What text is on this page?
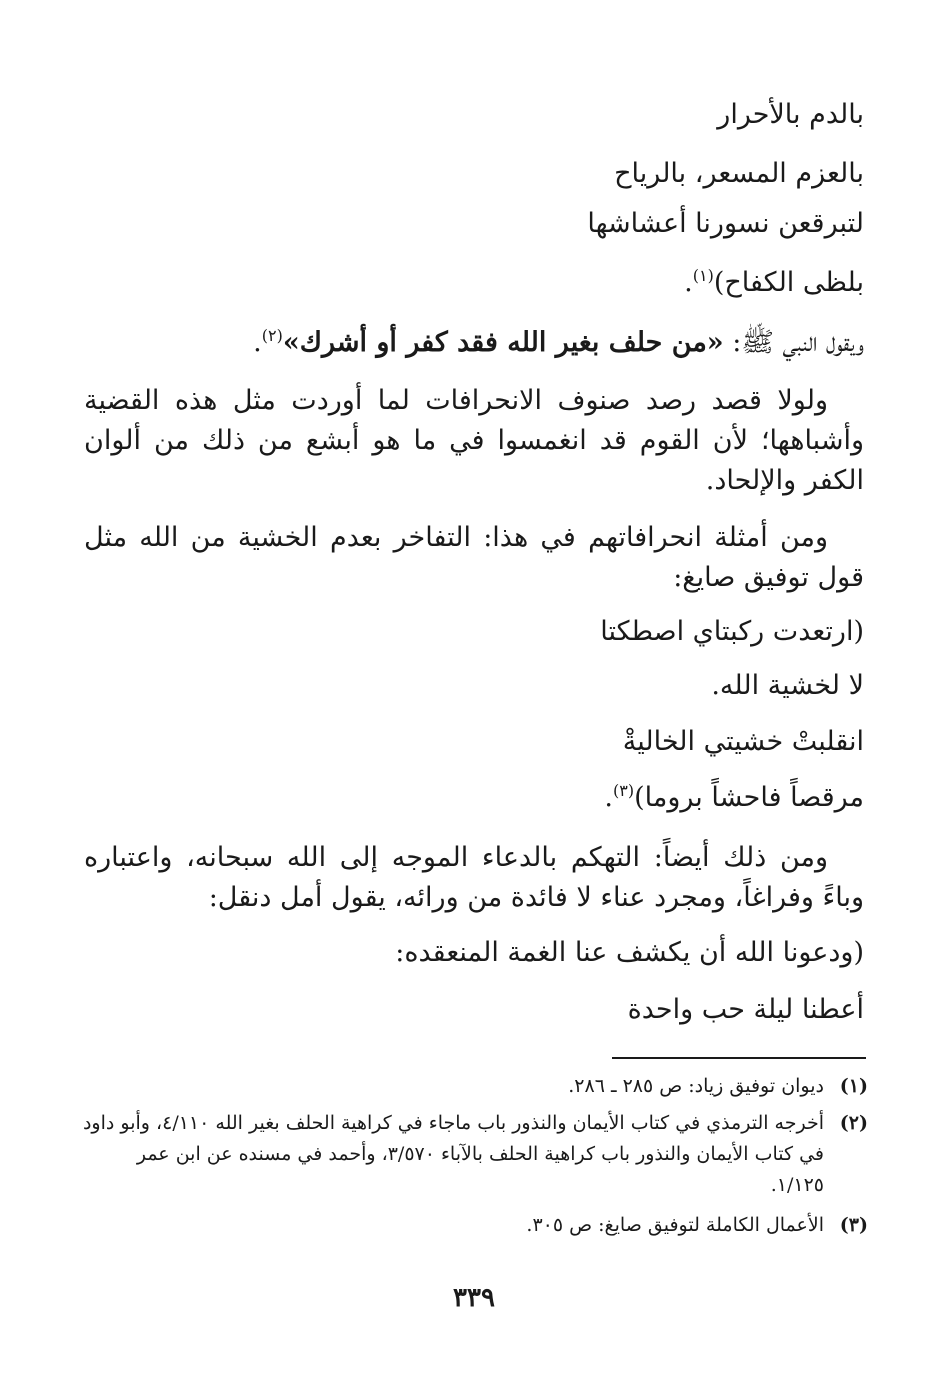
بالدم بالأحرار
بالعزم المسعر، بالرياح
لتبرقعن نسورنا أعشاشها
بلظى الكفاح)$^{(١)}$.
ويقول النبي ﷺ: «من حلف بغير الله فقد كفر أو أشرك»$^{(٢)}$.
ولولا قصد رصد صنوف الانحرافات لما أوردت مثل هذه القضية وأشباهها؛ لأن القوم قد انغمسوا في ما هو أبشع من ذلك من ألوان الكفر والإلحاد.
ومن أمثلة انحرافاتهم في هذا: التفاخر بعدم الخشية من الله مثل قول توفيق صايغ:
(ارتعدت ركبتاي اصطكتا
لا لخشية الله.
انقلبتْ خشيتي الخاليةْ
مرقصاً فاحشاً بروما)$^{(٣)}$.
ومن ذلك أيضاً: التهكم بالدعاء الموجه إلى الله سبحانه، واعتباره وباءً وفراغاً، ومجرد عناء لا فائدة من ورائه، يقول أمل دنقل:
(ودعونا الله أن يكشف عنا الغمة المنعقده:
أعطنا ليلة حب واحدة
(١)
ديوان توفيق زياد: ص ٢٨٥ ـ ٢٨٦.
(٢)
أخرجه الترمذي في كتاب الأيمان والنذور باب ماجاء في كراهية الحلف بغير الله ٤/١١٠، وأبو داود في كتاب الأيمان والنذور باب كراهية الحلف بالآباء ٣/٥٧٠، وأحمد في مسنده عن ابن عمر ١/١٢٥.
(٣)
الأعمال الكاملة لتوفيق صايغ: ص ٣٠٥.
٣٣٩
